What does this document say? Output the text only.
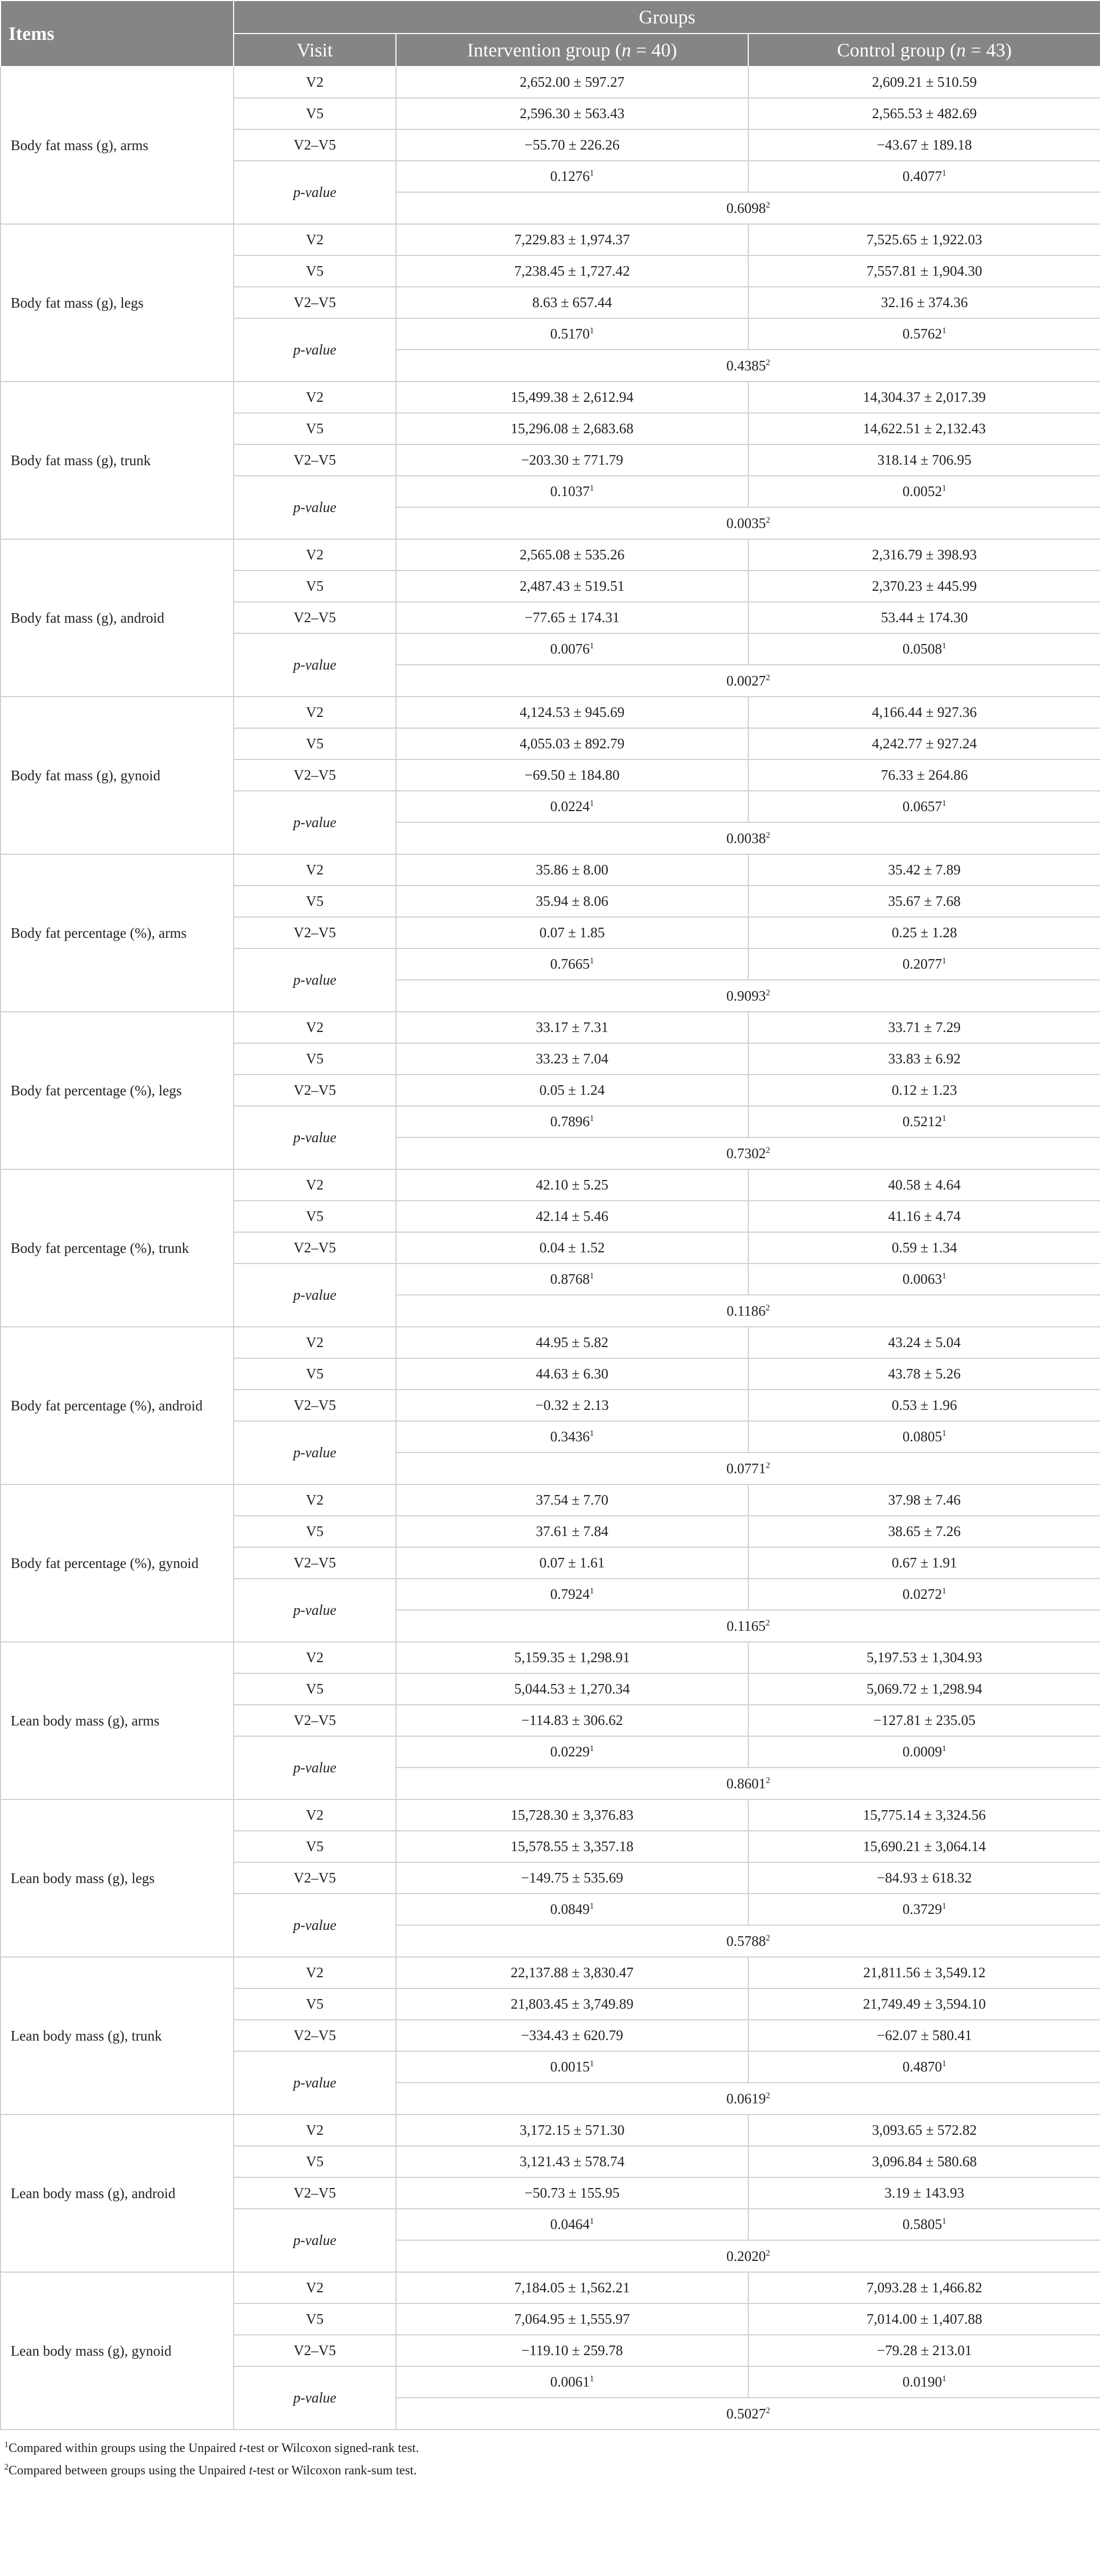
Items	Groups		
	Visit	Intervention group (n = 40)	Control group (n = 43)
Body fat mass (g), arms	V2	2,652.00 ± 597.27	2,609.21 ± 510.59
	V5	2,596.30 ± 563.43	2,565.53 ± 482.69
	V2–V5	−55.70 ± 226.26	−43.67 ± 189.18
	p-value	0.1276$^1$	0.4077$^1$
		0.6098$^2$
Body fat mass (g), legs	V2	7,229.83 ± 1,974.37	7,525.65 ± 1,922.03
	V5	7,238.45 ± 1,727.42	7,557.81 ± 1,904.30
	V2–V5	8.63 ± 657.44	32.16 ± 374.36
	p-value	0.5170$^1$	0.5762$^1$
		0.4385$^2$
Body fat mass (g), trunk	V2	15,499.38 ± 2,612.94	14,304.37 ± 2,017.39
	V5	15,296.08 ± 2,683.68	14,622.51 ± 2,132.43
	V2–V5	−203.30 ± 771.79	318.14 ± 706.95
	p-value	0.1037$^1$	0.0052$^1$
		0.0035$^2$
Body fat mass (g), android	V2	2,565.08 ± 535.26	2,316.79 ± 398.93
	V5	2,487.43 ± 519.51	2,370.23 ± 445.99
	V2–V5	−77.65 ± 174.31	53.44 ± 174.30
	p-value	0.0076$^1$	0.0508$^1$
		0.0027$^2$
Body fat mass (g), gynoid	V2	4,124.53 ± 945.69	4,166.44 ± 927.36
	V5	4,055.03 ± 892.79	4,242.77 ± 927.24
	V2–V5	−69.50 ± 184.80	76.33 ± 264.86
	p-value	0.0224$^1$	0.0657$^1$
		0.0038$^2$
Body fat percentage (%), arms	V2	35.86 ± 8.00	35.42 ± 7.89
	V5	35.94 ± 8.06	35.67 ± 7.68
	V2–V5	0.07 ± 1.85	0.25 ± 1.28
	p-value	0.7665$^1$	0.2077$^1$
		0.9093$^2$
Body fat percentage (%), legs	V2	33.17 ± 7.31	33.71 ± 7.29
	V5	33.23 ± 7.04	33.83 ± 6.92
	V2–V5	0.05 ± 1.24	0.12 ± 1.23
	p-value	0.7896$^1$	0.5212$^1$
		0.7302$^2$
Body fat percentage (%), trunk	V2	42.10 ± 5.25	40.58 ± 4.64
	V5	42.14 ± 5.46	41.16 ± 4.74
	V2–V5	0.04 ± 1.52	0.59 ± 1.34
	p-value	0.8768$^1$	0.0063$^1$
		0.1186$^2$
Body fat percentage (%), android	V2	44.95 ± 5.82	43.24 ± 5.04
	V5	44.63 ± 6.30	43.78 ± 5.26
	V2–V5	−0.32 ± 2.13	0.53 ± 1.96
	p-value	0.3436$^1$	0.0805$^1$
		0.0771$^2$
Body fat percentage (%), gynoid	V2	37.54 ± 7.70	37.98 ± 7.46
	V5	37.61 ± 7.84	38.65 ± 7.26
	V2–V5	0.07 ± 1.61	0.67 ± 1.91
	p-value	0.7924$^1$	0.0272$^1$
		0.1165$^2$
Lean body mass (g), arms	V2	5,159.35 ± 1,298.91	5,197.53 ± 1,304.93
	V5	5,044.53 ± 1,270.34	5,069.72 ± 1,298.94
	V2–V5	−114.83 ± 306.62	−127.81 ± 235.05
	p-value	0.0229$^1$	0.0009$^1$
		0.8601$^2$
Lean body mass (g), legs	V2	15,728.30 ± 3,376.83	15,775.14 ± 3,324.56
	V5	15,578.55 ± 3,357.18	15,690.21 ± 3,064.14
	V2–V5	−149.75 ± 535.69	−84.93 ± 618.32
	p-value	0.0849$^1$	0.3729$^1$
		0.5788$^2$
Lean body mass (g), trunk	V2	22,137.88 ± 3,830.47	21,811.56 ± 3,549.12
	V5	21,803.45 ± 3,749.89	21,749.49 ± 3,594.10
	V2–V5	−334.43 ± 620.79	−62.07 ± 580.41
	p-value	0.0015$^1$	0.4870$^1$
		0.0619$^2$
Lean body mass (g), android	V2	3,172.15 ± 571.30	3,093.65 ± 572.82
	V5	3,121.43 ± 578.74	3,096.84 ± 580.68
	V2–V5	−50.73 ± 155.95	3.19 ± 143.93
	p-value	0.0464$^1$	0.5805$^1$
		0.2020$^2$
Lean body mass (g), gynoid	V2	7,184.05 ± 1,562.21	7,093.28 ± 1,466.82
	V5	7,064.95 ± 1,555.97	7,014.00 ± 1,407.88
	V2–V5	−119.10 ± 259.78	−79.28 ± 213.01
	p-value	0.0061$^1$	0.0190$^1$
		0.5027$^2$
$^1$Compared within groups using the Unpaired t-test or Wilcoxon signed-rank test.
$^2$Compared between groups using the Unpaired t-test or Wilcoxon rank-sum test.
